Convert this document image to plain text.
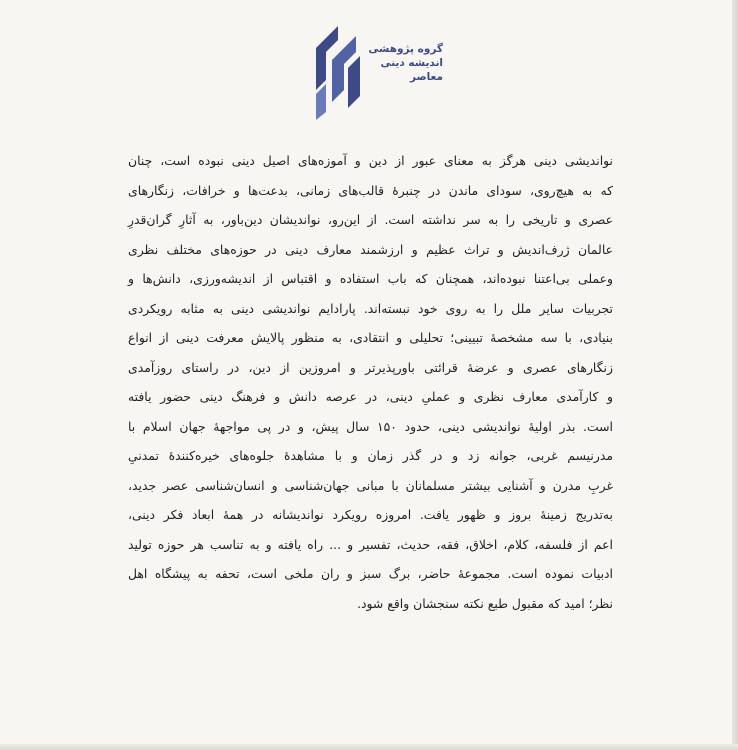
گروه پژوهشی
اندیشه دینی
معاصر
نواندیشی دینی هرگز به معنای عبور از دین و آموزه‌های اصیل دینی نبوده است، چنان
که به هیچ‌روی، سودای ماندن در چنبرهٔ قالب‌های زمانی، بدعت‌ها و خرافات، زنگارهای
عصری و تاریخی را به سر نداشته است. از این‌رو، نواندیشان دین‌باور، به آثارِ گران‌قدرِ
عالمان ژرف‌اندیش و تراث عظیم و ارزشمند معارف دینی در حوزه‌های مختلف نظری
وعملی بی‌اعتنا نبوده‌اند، همچنان که باب استفاده و اقتباس از اندیشه‌ورزی، دانش‌ها و
تجربیات سایر ملل را به روی خود نبسته‌اند. پارادایم نواندیشی دینی به مثابه رویکردی
بنیادی، با سه مشخصهٔ تبیینی؛ تحلیلی و انتقادی، به منظور پالایش معرفت دینی از انواع
زنگارهای عصری و عرضهٔ قرائتی باورپذیرتر و امروزین از دین، در راستای روزآمدی
و کارآمدی معارف نظری و عملیِ دینی، در عرصه دانش و فرهنگ دینی حضور یافته
است. بذر اولیهٔ نواندیشی دینی، حدود ۱۵۰ سال پیش، و در پی مواجههٔ جهان اسلام با
مدرنیسم غربی، جوانه زد و در گذر زمان و با مشاهدهٔ جلوه‌های خیره‌کنندهٔ تمدنیِ
غربِ مدرن و آشنایی بیشتر مسلمانان با مبانی جهان‌شناسی و انسان‌شناسی عصر جدید،
به‌تدریج زمینهٔ بروز و ظهور یافت. امروزه رویکرد نواندیشانه در همهٔ ابعاد فکر دینی،
اعم از فلسفه، کلام، اخلاق، فقه، حدیث، تفسیر و ... راه یافته و به تناسب هر حوزه تولید
ادبیات نموده است. مجموعهٔ حاضر، برگ سبز و ران ملخی است، تحفه به پیشگاه اهل
نظر؛ امید که مقبول طبع نکته سنجشان واقع شود.
